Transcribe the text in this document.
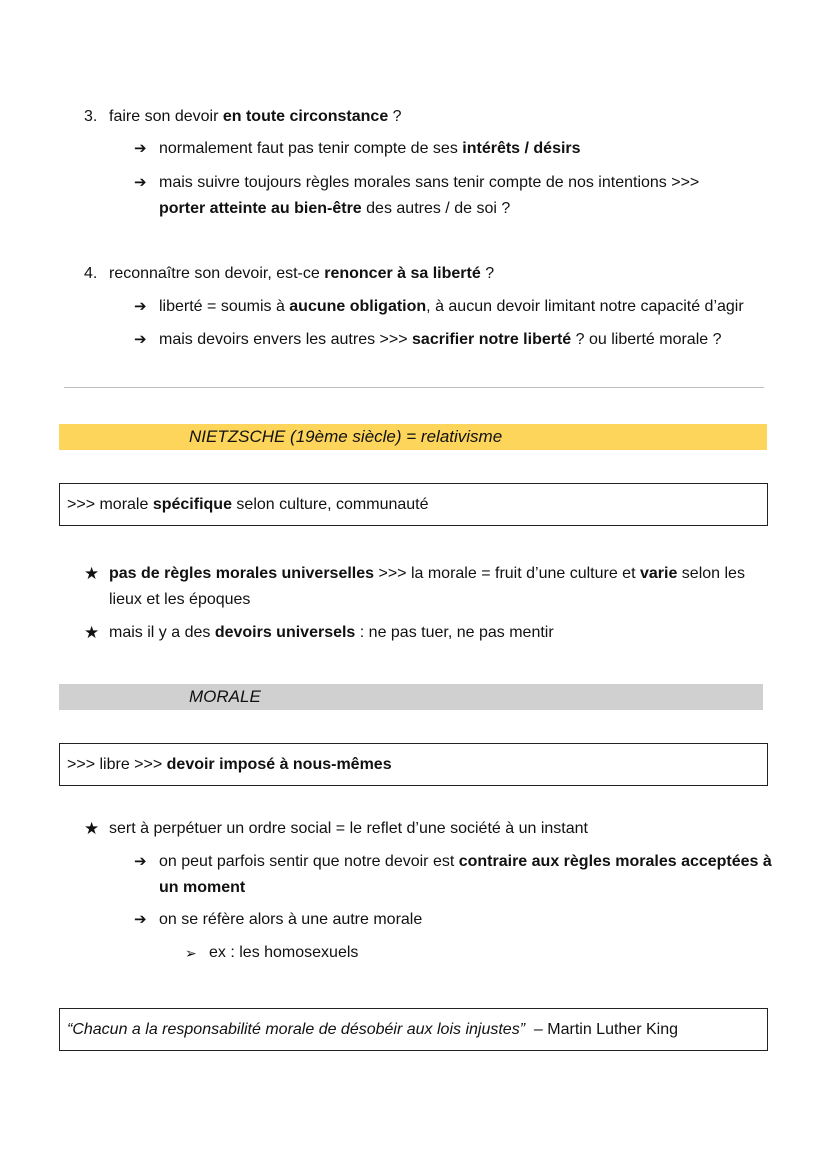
3. faire son devoir en toute circonstance ?
➔ normalement faut pas tenir compte de ses intérêts / désirs
➔ mais suivre toujours règles morales sans tenir compte de nos intentions >>>
porter atteinte au bien-être des autres / de soi ?
4. reconnaître son devoir, est-ce renoncer à sa liberté ?
➔ liberté = soumis à aucune obligation, à aucun devoir limitant notre capacité d’agir
➔ mais devoirs envers les autres >>> sacrifier notre liberté ? ou liberté morale ?
NIETZSCHE (19ème siècle) = relativisme
>>> morale spécifique selon culture, communauté
★ pas de règles morales universelles >>> la morale = fruit d’une culture et varie selon les lieux et les époques
★ mais il y a des devoirs universels : ne pas tuer, ne pas mentir
MORALE
>>> libre >>> devoir imposé à nous-mêmes
★ sert à perpétuer un ordre social = le reflet d’une société à un instant
➔ on peut parfois sentir que notre devoir est contraire aux règles morales acceptées à un moment
➔ on se réfère alors à une autre morale
➢ ex : les homosexuels
“Chacun a la responsabilité morale de désobéir aux lois injustes” – Martin Luther King
